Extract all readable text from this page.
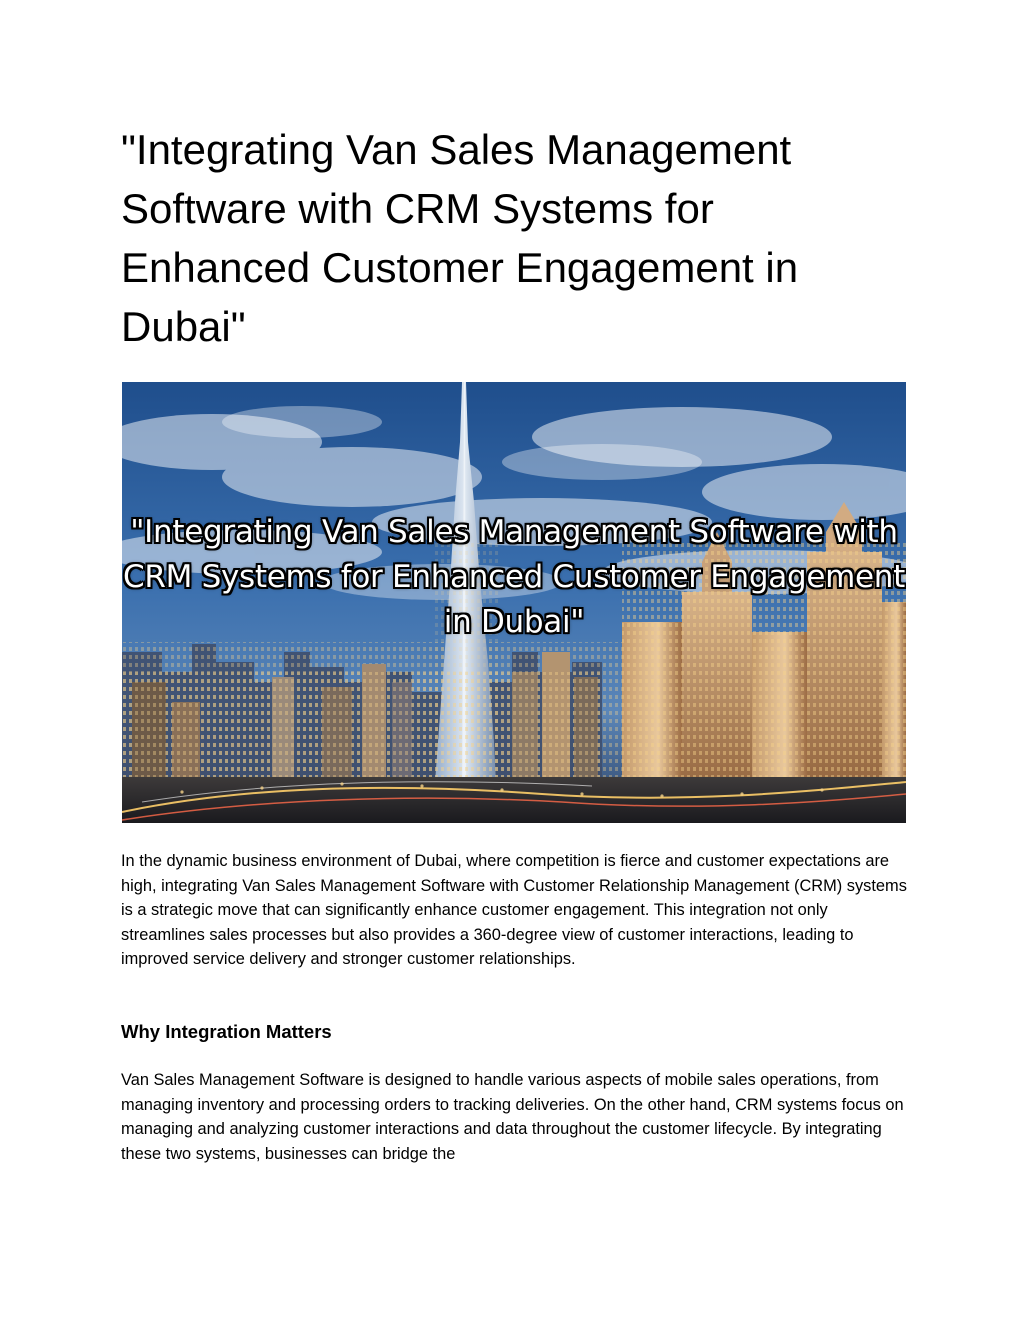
"Integrating Van Sales Management Software with CRM Systems for Enhanced Customer Engagement in Dubai"
"Integrating Van Sales Management Software with CRM Systems for Enhanced Customer Engagement in Dubai"

In the dynamic business environment of Dubai, where competition is fierce and customer expectations are high, integrating Van Sales Management Software with Customer Relationship Management (CRM) systems is a strategic move that can significantly enhance customer engagement. This integration not only streamlines sales processes but also provides a 360-degree view of customer interactions, leading to improved service delivery and stronger customer relationships.

Why Integration Matters

Van Sales Management Software is designed to handle various aspects of mobile sales operations, from managing inventory and processing orders to tracking deliveries. On the other hand, CRM systems focus on managing and analyzing customer interactions and data throughout the customer lifecycle. By integrating these two systems, businesses can bridge the
